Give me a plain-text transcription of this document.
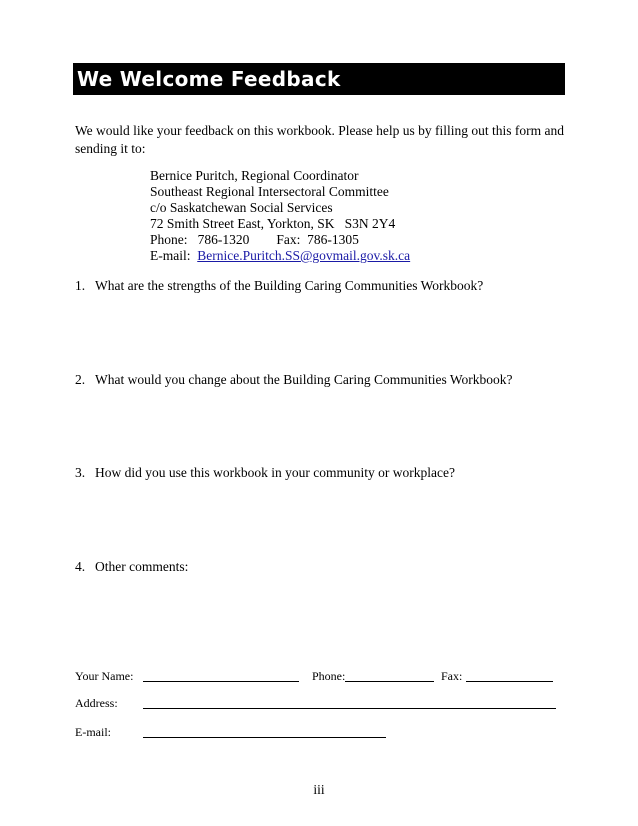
We Welcome Feedback
We would like your feedback on this workbook. Please help us by filling out this form and sending it to:
Bernice Puritch, Regional Coordinator
Southeast Regional Intersectoral Committee
c/o Saskatchewan Social Services
72 Smith Street East, Yorkton, SK   S3N 2Y4
Phone:   786-1320        Fax:  786-1305
E-mail:  Bernice.Puritch.SS@govmail.gov.sk.ca
1. What are the strengths of the Building Caring Communities Workbook?
2. What would you change about the Building Caring Communities Workbook?
3. How did you use this workbook in your community or workplace?
4. Other comments:
Your Name:	Phone:	Fax:
Address:
E-mail:
iii
